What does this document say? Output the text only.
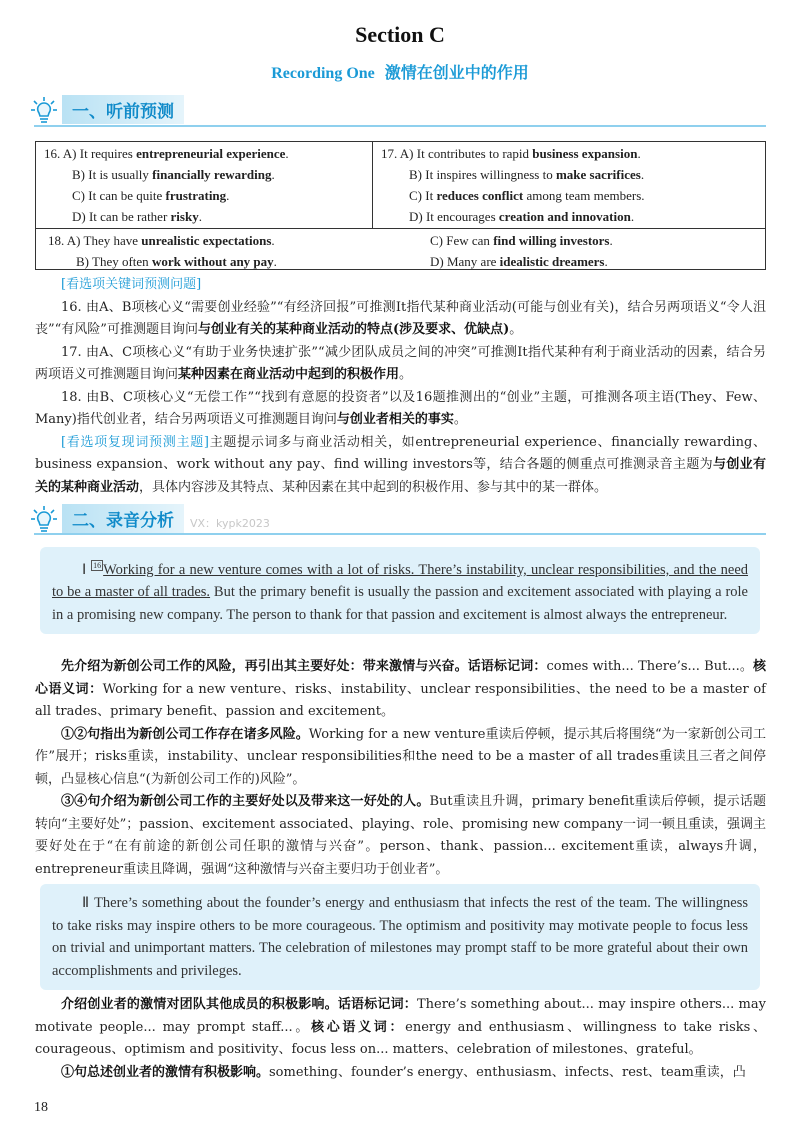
Section C
Recording One 激情在创业中的作用
一、听前预测
16. A) It requires entrepreneurial experience.
B) It is usually financially rewarding.
C) It can be quite frustrating.
D) It can be rather risky.
17. A) It contributes to rapid business expansion.
B) It inspires willingness to make sacrifices.
C) It reduces conflict among team members.
D) It encourages creation and innovation.
18. A) They have unrealistic expectations.	C) Few can find willing investors.
B) They often work without any pay.	D) Many are idealistic dreamers.
[看选项关键词预测问题]
16. 由A、B项核心义“需要创业经验”“有经济回报”可推测It指代某种商业活动(可能与创业有关)，结合另两项语义“令人沮丧”“有风险”可推测题目询问与创业有关的某种商业活动的特点(涉及要求、优缺点)。
17. 由A、C项核心义“有助于业务快速扩张”“减少团队成员之间的冲突”可推测It指代某种有利于商业活动的因素，结合另两项语义可推测题目询问某种因素在商业活动中起到的积极作用。
18. 由B、C项核心义“无偿工作”“找到有意愿的投资者”以及16题推测出的“创业”主题，可推测各项主语(They、Few、Many)指代创业者，结合另两项语义可推测题目询问与创业者相关的事实。
[看选项复现词预测主题]主题提示词多与商业活动相关，如entrepreneurial experience、financially rewarding、business expansion、work without any pay、find willing investors等，结合各题的侧重点可推测录音主题为与创业有关的某种商业活动，具体内容涉及其特点、某种因素在其中起到的积极作用、参与其中的某一群体。
二、录音分析	VX：kypk2023
Ⅰ $^{16}$ Working for a new venture comes with a lot of risks. There’s instability, unclear responsibilities, and the need to be a master of all trades. But the primary benefit is usually the passion and excitement associated with playing a role in a promising new company. The person to thank for that passion and excitement is almost always the entrepreneur.
先介绍为新创公司工作的风险，再引出其主要好处：带来激情与兴奋。话语标记词：comes with... There’s... But...。核心语义词：Working for a new venture、risks、instability、unclear responsibilities、the need to be a master of all trades、primary benefit、passion and excitement。
①②句指出为新创公司工作存在诸多风险。Working for a new venture重读后停顿，提示其后将围绕“为一家新创公司工作”展开；risks重读，instability、unclear responsibilities和the need to be a master of all trades重读且三者之间停顿，凸显核心信息“(为新创公司工作的)风险”。
③④句介绍为新创公司工作的主要好处以及带来这一好处的人。But重读且升调，primary benefit重读后停顿，提示话题转向“主要好处”；passion、excitement associated、playing、role、promising new company一词一顿且重读，强调主要好处在于“在有前途的新创公司任职的激情与兴奋”。person、thank、passion... excitement重读，always升调，entrepreneur重读且降调，强调“这种激情与兴奋主要归功于创业者”。
Ⅱ There’s something about the founder’s energy and enthusiasm that infects the rest of the team. The willingness to take risks may inspire others to be more courageous. The optimism and positivity may motivate people to focus less on trivial and unimportant matters. The celebration of milestones may prompt staff to be more grateful about their own accomplishments and privileges.
介绍创业者的激情对团队其他成员的积极影响。话语标记词：There’s something about... may inspire others... may motivate people... may prompt staff...。核心语义词：energy and enthusiasm、willingness to take risks、courageous、optimism and positivity、focus less on... matters、celebration of milestones、grateful。
①句总述创业者的激情有积极影响。something、founder’s energy、enthusiasm、infects、rest、team重读，凸
18
